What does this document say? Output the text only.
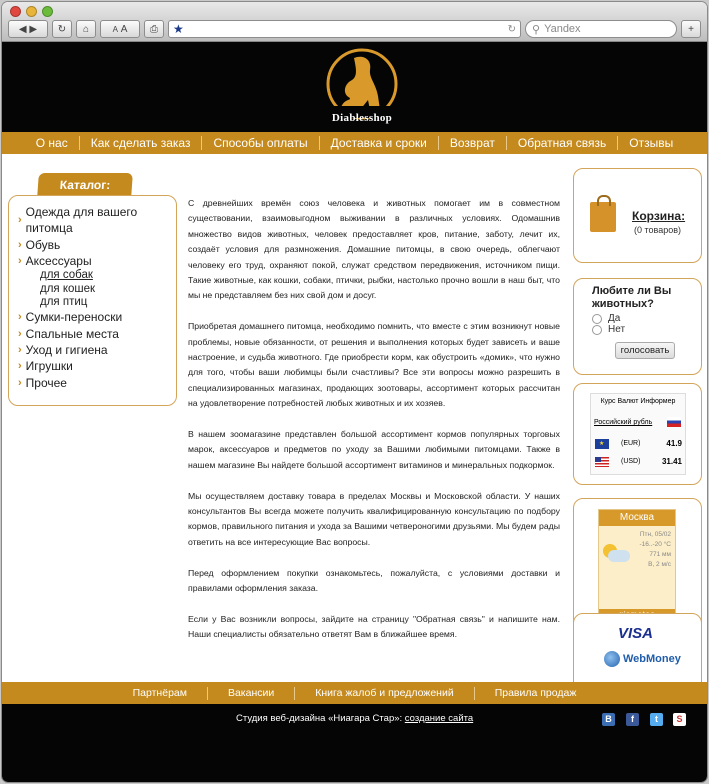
◀
▶ ↻ ⌂	A
A ⎙ ★	↻ ⚲ Yandex	+
Diablesshop
О нас	Как сделать заказ	Способы оплаты	Доставка и сроки	Возврат	Обратная связь	Отзывы
Каталог:
›
Одежда для вашего питомца
› Обувь
› Аксессуары
для собак
для кошек
для птиц
› Сумки-переноски
› Спальные места
› Уход и гигиена
› Игрушки
› Прочее

С древнейших времён союз человека и животных помогает им в совместном существовании, взаимовыгодном выживании в различных условиях. Одомашнив множество видов животных, человек предоставляет кров, питание, заботу, лечит их, создаёт условия для размножения. Домашние питомцы, в свою очередь, облегчают человеку его труд, охраняют покой, служат средством передвижения, источником пищи. Такие животные, как кошки, собаки, птички, рыбки, настолько прочно вошли в наш быт, что мы не представляем без них свой дом и досуг.

Приобретая домашнего питомца, необходимо помнить, что вместе с этим возникнут новые проблемы, новые обязанности, от решения и выполнения которых будет зависеть и ваше настроение, и судьба животного. Где приобрести корм, как обустроить «домик», что нужно для того, чтобы ваши любимцы были счастливы? Все эти вопросы можно разрешить в специализированных магазинах, продающих зоотовары, ассортимент которых рассчитан на удовлетворение потребностей любых животных и их хозяев.

В нашем зоомагазине представлен большой ассортимент кормов популярных торговых марок, аксессуаров и предметов по уходу за Вашими любимыми питомцами. Также в нашем магазине Вы найдете большой ассортимент витаминов и минеральных подкормок.

Мы осуществляем доставку товара в пределах Москвы и Московской области. У наших консультантов Вы всегда можете получить квалифицированную консультацию по подбору кормов, правильного питания и ухода за Вашими четвероногими друзьями. Мы будем рады ответить на все интересующие Вас вопросы.

Перед оформлением покупки ознакомьтесь, пожалуйста, с условиями доставки и правилами оформления заказа.

Если у Вас возникли вопросы, зайдите на страницу "Обратная связь" и напишите нам. Наши специалисты обязательно ответят Вам в ближайшее время.

Корзина:
(0 товаров)
Любите ли Вы животных?
Да
Нет
голосовать
Курс Валют Информер
Российский рубль
★
(EUR)	41.9
(USD)	31.41
Москва
Птн, 05/02
-16..-20 °C
771 мм
В, 2 м/с
VISA
WebMoney
Партнёрам	Вакансии	Книга жалоб и предложений	Правила продаж
Студия веб-дизайна «Ниагара Стар»: создание сайта	B	f	t	S
